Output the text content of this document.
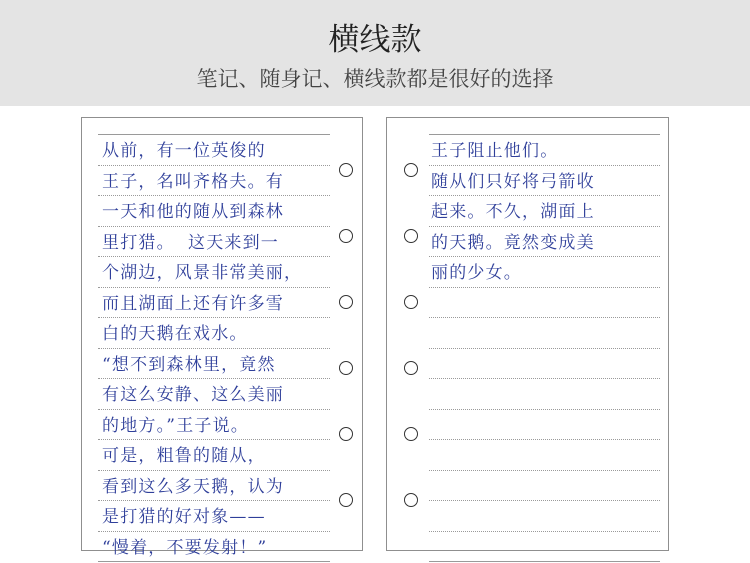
横线款
笔记、随身记、横线款都是很好的选择
从前，有一位英俊的
王子，名叫齐格夫。有
一天和他的随从到森林
里打猎。  这天来到一
个湖边，风景非常美丽，
而且湖面上还有许多雪
白的天鹅在戏水。
“想不到森林里，竟然
有这么安静、这么美丽
的地方。”王子说。
可是，粗鲁的随从，
看到这么多天鹅，认为
是打猎的好对象——
“慢着，不要发射！”
王子阻止他们。
随从们只好将弓箭收
起来。不久，湖面上
的天鹅。竟然变成美
丽的少女。
